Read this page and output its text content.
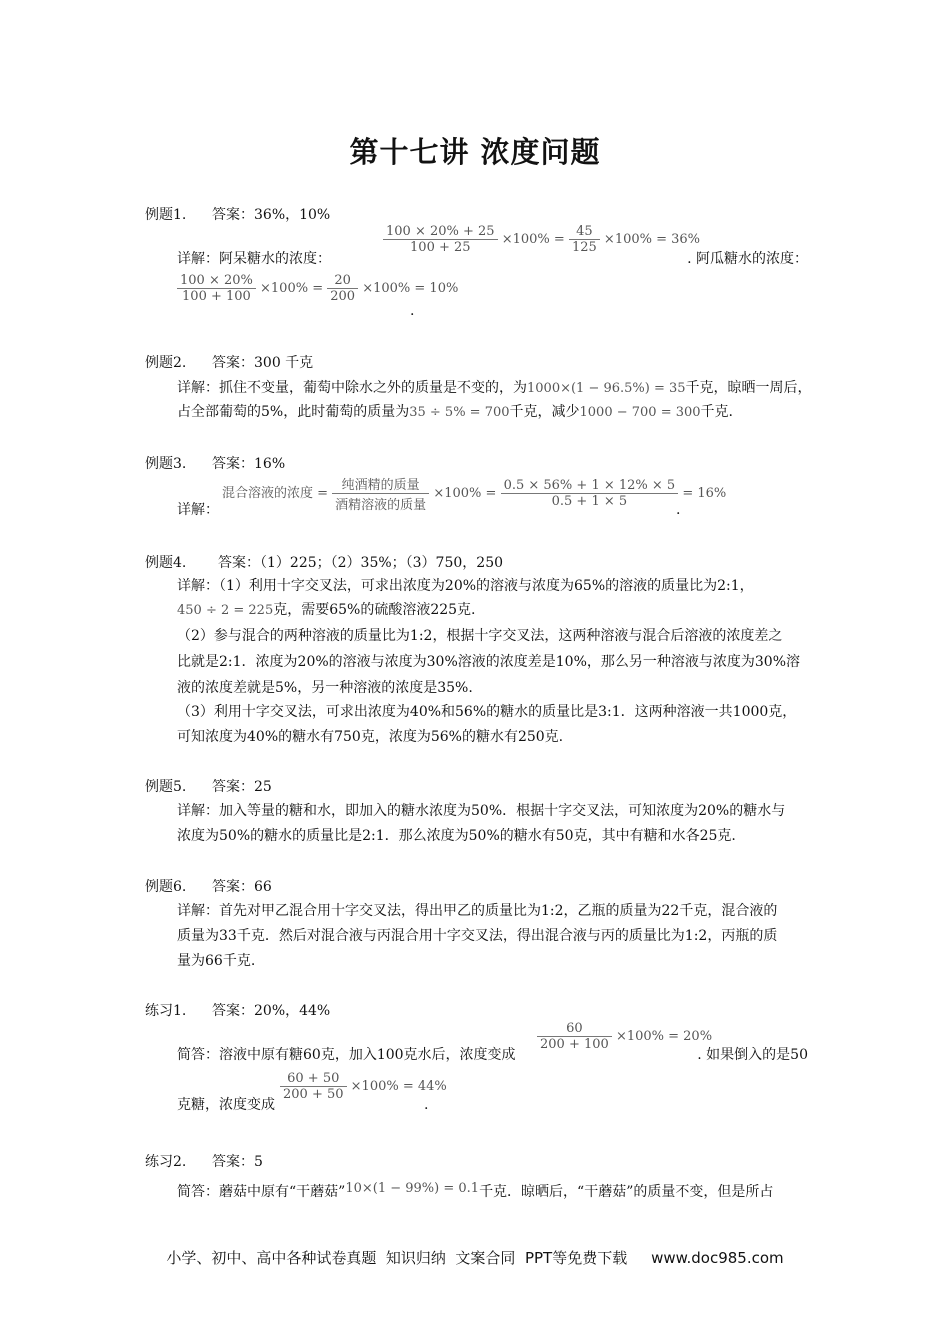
第十七讲 浓度问题
例题1. 答案：36%，10%
$\frac{100 \times 20\% + 25}{100 + 25} \times 100\% = \frac{45}{125} \times 100\% = 36\%$
详解：阿呆糖水的浓度：	. 阿瓜糖水的浓度：
$\frac{100 \times 20\%}{100 + 100} \times 100\% = \frac{20}{200} \times 100\% = 10\%$
.
例题2. 答案：300 千克
详解：抓住不变量，葡萄中除水之外的质量是不变的，为1000×(1 − 96.5%) = 35千克，晾晒一周后，
占全部葡萄的5%，此时葡萄的质量为35 ÷ 5% = 700千克，减少1000 − 700 = 300千克.
例题3. 答案：16%
混合溶液的浓度 = $\frac{\text{纯酒精的质量}}{\text{酒精溶液的质量}} \times 100\% = \frac{0.5 \times 56\% + 1 \times 12\% \times 5}{0.5 + 1 \times 5} = 16\%$
详解：	.
例题4. 答案：（1）225；（2）35%；（3）750，250
详解：（1）利用十字交叉法，可求出浓度为20%的溶液与浓度为65%的溶液的质量比为2:1，
450 ÷ 2 = 225克，需要65%的硫酸溶液225克.
（2）参与混合的两种溶液的质量比为1:2，根据十字交叉法，这两种溶液与混合后溶液的浓度差之
比就是2:1．浓度为20%的溶液与浓度为30%溶液的浓度差是10%，那么另一种溶液与浓度为30%溶
液的浓度差就是5%，另一种溶液的浓度是35%.
（3）利用十字交叉法，可求出浓度为40%和56%的糖水的质量比是3:1．这两种溶液一共1000克，
可知浓度为40%的糖水有750克，浓度为56%的糖水有250克.
例题5. 答案：25
详解：加入等量的糖和水，即加入的糖水浓度为50%．根据十字交叉法，可知浓度为20%的糖水与
浓度为50%的糖水的质量比是2:1．那么浓度为50%的糖水有50克，其中有糖和水各25克.
例题6. 答案：66
详解：首先对甲乙混合用十字交叉法，得出甲乙的质量比为1:2，乙瓶的质量为22千克，混合液的
质量为33千克．然后对混合液与丙混合用十字交叉法，得出混合液与丙的质量比为1:2，丙瓶的质
量为66千克.
练习1. 答案：20%，44%
$\frac{60}{200 + 100} \times 100\% = 20\%$
简答：溶液中原有糖60克，加入100克水后，浓度变成	. 如果倒入的是50
$\frac{60 + 50}{200 + 50} \times 100\% = 44\%$
克糖，浓度变成	.
练习2. 答案：5
简答：蘑菇中原有“干蘑菇”10×(1 − 99%) = 0.1千克．晾晒后，“干蘑菇”的质量不变，但是所占
小学、初中、高中各种试卷真题  知识归纳  文案合同  PPT等免费下载     www.doc985.com
